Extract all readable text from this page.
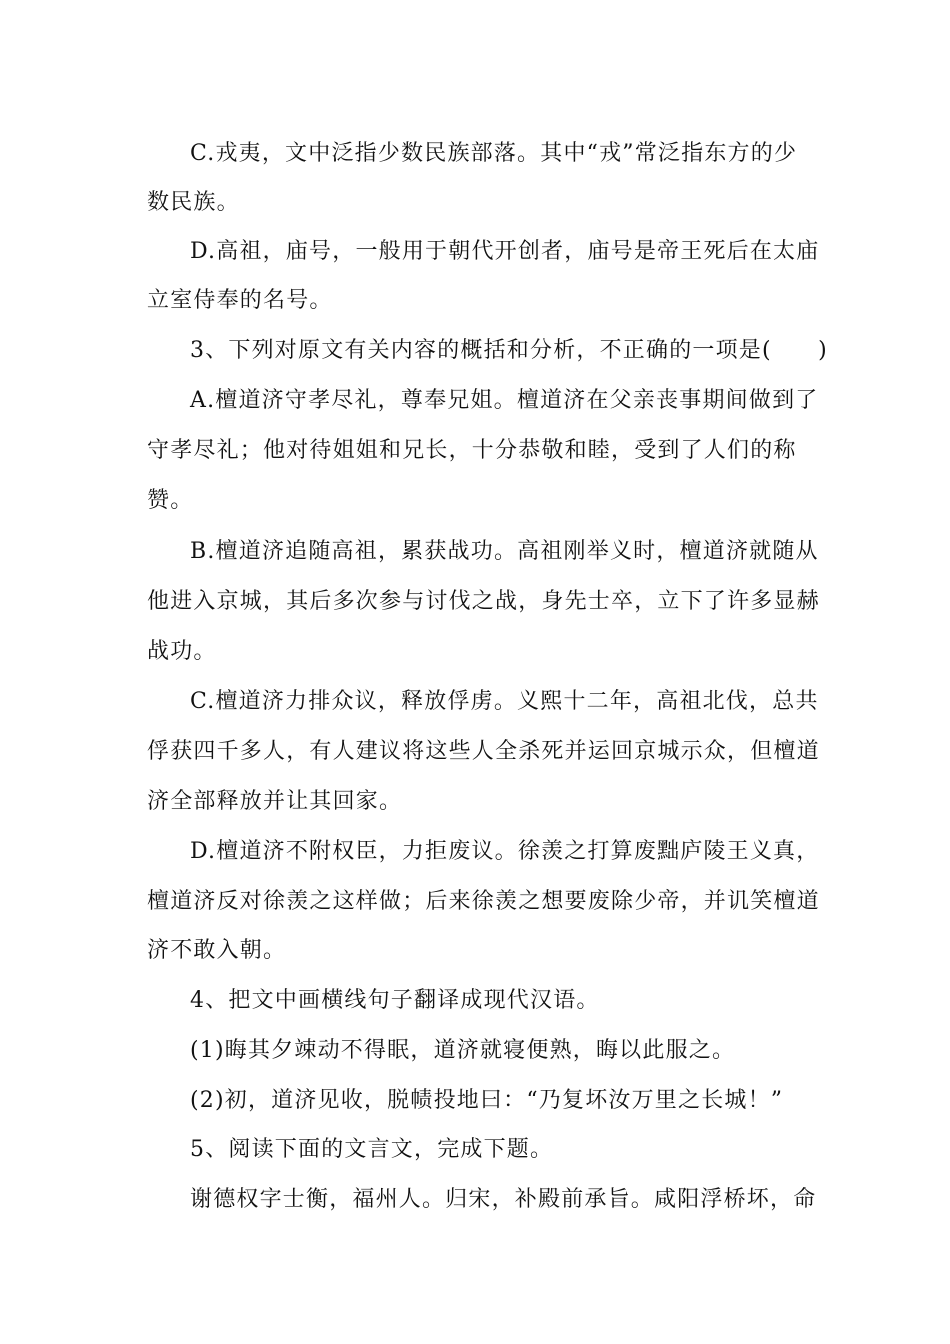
C.戎夷，文中泛指少数民族部落。其中“戎”常泛指东方的少
数民族。
D.高祖，庙号，一般用于朝代开创者，庙号是帝王死后在太庙
立室侍奉的名号。
3、下列对原文有关内容的概括和分析，不正确的一项是(　　)
A.檀道济守孝尽礼，尊奉兄姐。檀道济在父亲丧事期间做到了
守孝尽礼；他对待姐姐和兄长，十分恭敬和睦，受到了人们的称
赞。
B.檀道济追随高祖，累获战功。高祖刚举义时，檀道济就随从
他进入京城，其后多次参与讨伐之战，身先士卒，立下了许多显赫
战功。
C.檀道济力排众议，释放俘虏。义熙十二年，高祖北伐，总共
俘获四千多人，有人建议将这些人全杀死并运回京城示众，但檀道
济全部释放并让其回家。
D.檀道济不附权臣，力拒废议。徐羡之打算废黜庐陵王义真，
檀道济反对徐羡之这样做；后来徐羡之想要废除少帝，并讥笑檀道
济不敢入朝。
4、把文中画横线句子翻译成现代汉语。
(1)晦其夕竦动不得眠，道济就寝便熟，晦以此服之。
(2)初，道济见收，脱帻投地曰：“乃复坏汝万里之长城！”
5、阅读下面的文言文，完成下题。
谢德权字士衡，福州人。归宋，补殿前承旨。咸阳浮桥坏，命
